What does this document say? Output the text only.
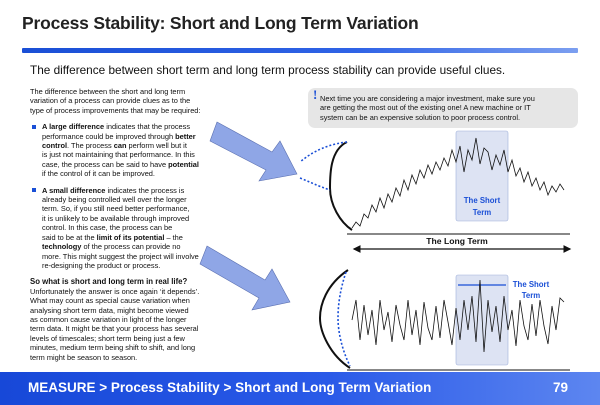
Process Stability: Short and Long Term Variation
The difference between short term and long term process stability can provide useful clues.

The difference between the short and long term
variation of a process can provide clues as to the
type of process improvements that may be required:

A large difference indicates that the process
performance could be improved through better
control. The process can perform well but it
is just not maintaining that performance. In this
case, the process can be said to have potential
if the control of it can be improved.
A small difference indicates the process is
already being controlled well over the longer
term. So, if you still need better performance,
it is unlikely to be available through improved
control. In this case, the process can be
said to be at the limit of its potential – the
technology of the process can provide no
more. This might suggest the project will involve
re-designing the product or process.
So what is short and long term in real life?
Unfortunately the answer is once again ‘it depends’.
What may count as special cause variation when
analysing short term data, might become viewed
as common cause variation in light of the longer
term data. It might be that your process has several
levels of timescales; short term being just a few
minutes, medium term being shift to shift, and long
term might be season to season.
! Next time you are considering a major investment, make sure you
are getting the most out of the existing one! A new machine or IT
system can be an expensive solution to poor process control.
The Short
Term
The Long Term
The Short
Term
MEASURE > Process Stability > Short and Long Term Variation	79
